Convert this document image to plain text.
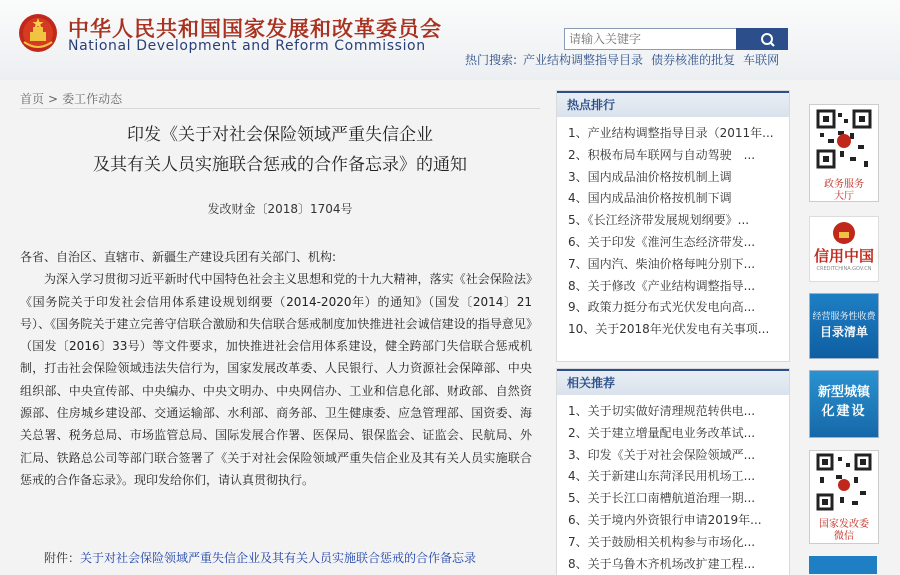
中华人民共和国国家发展和改革委员会
National Development and Reform Commission
请输入关键字
热门搜索: 产业结构调整指导目录 债券核准的批复 车联网
首页 > 委工作动态
印发《关于对社会保险领域严重失信企业
及其有关人员实施联合惩戒的合作备忘录》的通知
发改财金〔2018〕1704号

各省、自治区、直辖市、新疆生产建设兵团有关部门、机构:

为深入学习贯彻习近平新时代中国特色社会主义思想和党的十九大精神，落实《社会保险法》《国务院关于印发社会信用体系建设规划纲要（2014-2020年）的通知》（国发〔2014〕21号）、《国务院关于建立完善守信联合激励和失信联合惩戒制度加快推进社会诚信建设的指导意见》（国发〔2016〕33号）等文件要求，加快推进社会信用体系建设，健全跨部门失信联合惩戒机制，打击社会保险领域违法失信行为，国家发展改革委、人民银行、人力资源社会保障部、中央组织部、中央宣传部、中央编办、中央文明办、中央网信办、工业和信息化部、财政部、自然资源部、住房城乡建设部、交通运输部、水利部、商务部、卫生健康委、应急管理部、国资委、海关总署、税务总局、市场监管总局、国际发展合作署、医保局、银保监会、证监会、民航局、外汇局、铁路总公司等部门联合签署了《关于对社会保险领域严重失信企业及其有关人员实施联合惩戒的合作备忘录》。现印发给你们，请认真贯彻执行。

附件：关于对社会保险领域严重失信企业及其有关人员实施联合惩戒的合作备忘录
热点排行
1、产业结构调整指导目录（2011年...
2、积极布局车联网与自动驾驶　...
3、国内成品油价格按机制上调
4、国内成品油价格按机制下调
5、《长江经济带发展规划纲要》...
6、关于印发《淮河生态经济带发...
7、国内汽、柴油价格每吨分别下...
8、关于修改《产业结构调整指导...
9、政策力挺分布式光伏发电向高...
10、关于2018年光伏发电有关事项...
相关推荐
1、关于切实做好清理规范转供电...
2、关于建立增量配电业务改革试...
3、印发《关于对社会保险领域严...
4、关于新建山东菏泽民用机场工...
5、关于长江口南槽航道治理一期...
6、关于境内外资银行申请2019年...
7、关于鼓励相关机构参与市场化...
8、关于乌鲁木齐机场改扩建工程...
政务服务大厅
信用中国
CREDITCHINA.GOV.CN
经营服务性收费
目录清单
新型城镇
化建设
国家发改委微信
